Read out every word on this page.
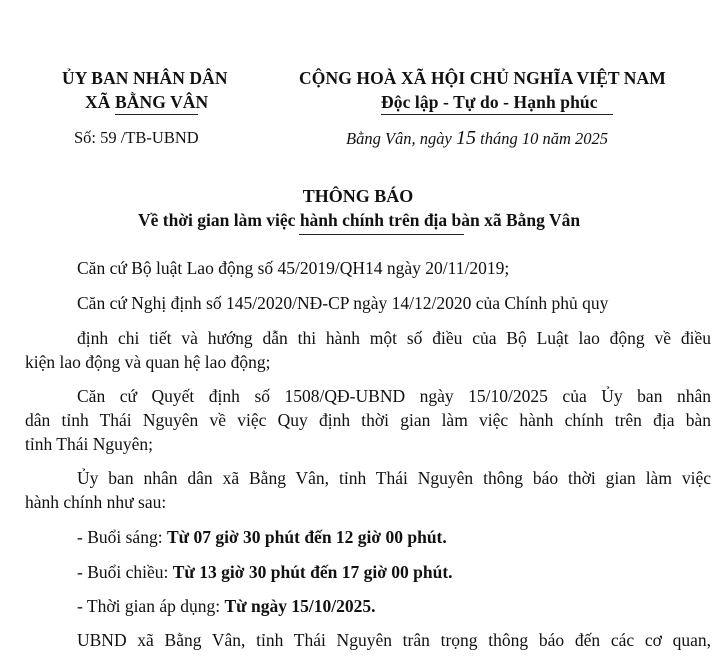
ỦY BAN NHÂN DÂN
XÃ BẰNG VÂN
Số: 59 /TB-UBND
CỘNG HOÀ XÃ HỘI CHỦ NGHĨA VIỆT NAM
Độc lập - Tự do - Hạnh phúc
Bằng Vân, ngày 15 tháng 10 năm 2025
THÔNG BÁO
Về thời gian làm việc hành chính trên địa bàn xã Bằng Vân
Căn cứ Bộ luật Lao động số 45/2019/QH14 ngày 20/11/2019;
Căn cứ Nghị định số 145/2020/NĐ-CP ngày 14/12/2020 của Chính phủ quy
định chi tiết và hướng dẫn thi hành một số điều của Bộ Luật lao động về điều
kiện lao động và quan hệ lao động;
Căn cứ Quyết định số 1508/QĐ-UBND ngày 15/10/2025 của Ủy ban nhân
dân tỉnh Thái Nguyên về việc Quy định thời gian làm việc hành chính trên địa bàn
tỉnh Thái Nguyên;
Ủy ban nhân dân xã Bằng Vân, tỉnh Thái Nguyên thông báo thời gian làm việc
hành chính như sau:
- Buổi sáng: Từ 07 giờ 30 phút đến 12 giờ 00 phút.
- Buổi chiều: Từ 13 giờ 30 phút đến 17 giờ 00 phút.
- Thời gian áp dụng: Từ ngày 15/10/2025.
UBND xã Bằng Vân, tỉnh Thái Nguyên trân trọng thông báo đến các cơ quan,
